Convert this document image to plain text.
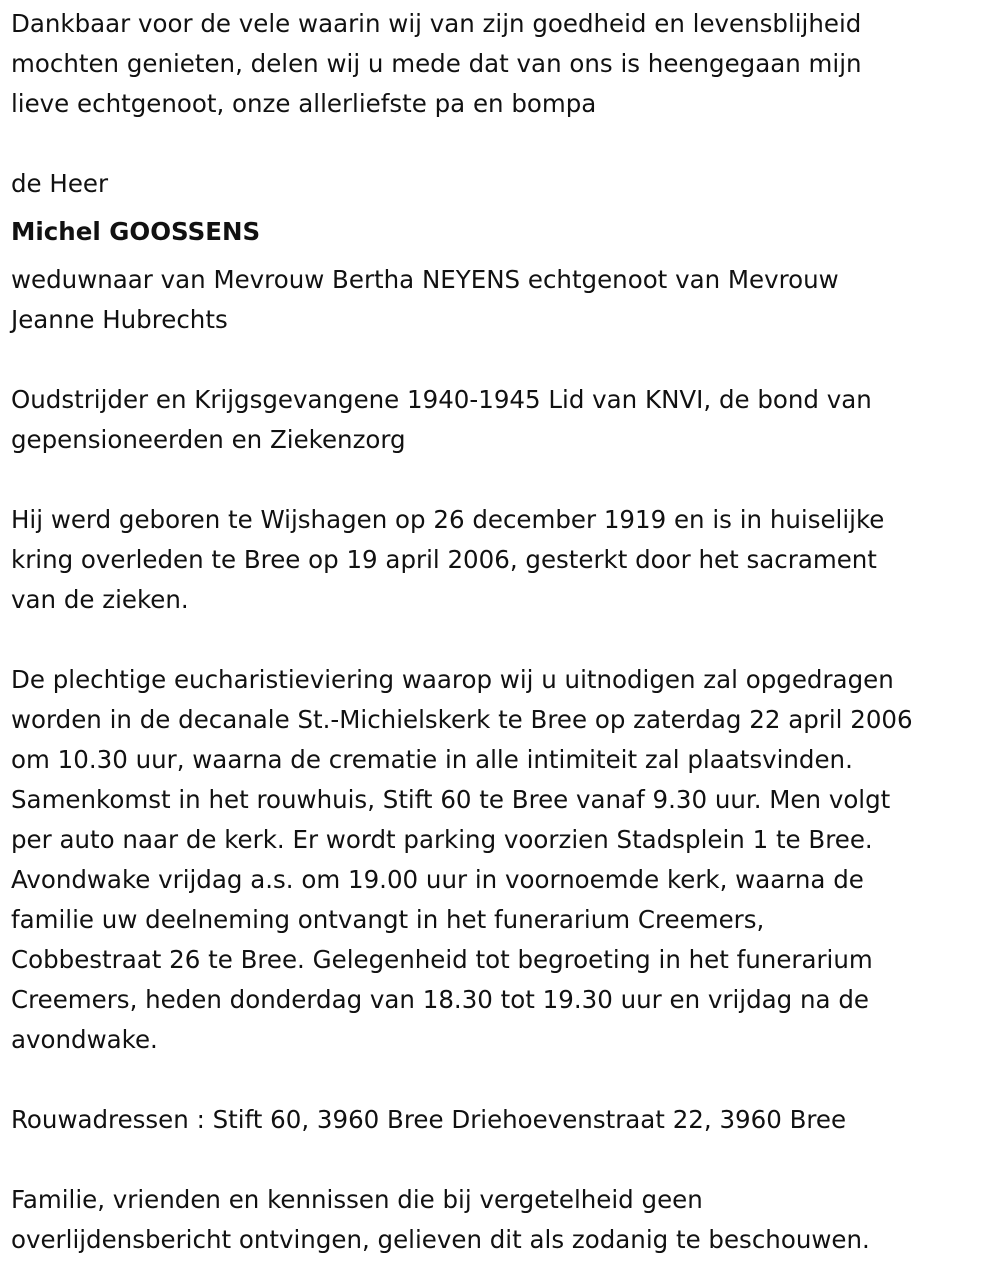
Dankbaar voor de vele waarin wij van zijn goedheid en levensblijheid
mochten genieten, delen wij u mede dat van ons is heengegaan mijn
lieve echtgenoot, onze allerliefste pa en bompa

de Heer

Michel GOOSSENS

weduwnaar van Mevrouw Bertha NEYENS echtgenoot van Mevrouw
Jeanne Hubrechts

Oudstrijder en Krijgsgevangene 1940-1945 Lid van KNVI, de bond van
gepensioneerden en Ziekenzorg

Hij werd geboren te Wijshagen op 26 december 1919 en is in huiselijke
kring overleden te Bree op 19 april 2006, gesterkt door het sacrament
van de zieken.

De plechtige eucharistieviering waarop wij u uitnodigen zal opgedragen
worden in de decanale St.-Michielskerk te Bree op zaterdag 22 april 2006
om 10.30 uur, waarna de crematie in alle intimiteit zal plaatsvinden.
Samenkomst in het rouwhuis, Stift 60 te Bree vanaf 9.30 uur. Men volgt
per auto naar de kerk. Er wordt parking voorzien Stadsplein 1 te Bree.
Avondwake vrijdag a.s. om 19.00 uur in voornoemde kerk, waarna de
familie uw deelneming ontvangt in het funerarium Creemers,
Cobbestraat 26 te Bree. Gelegenheid tot begroeting in het funerarium
Creemers, heden donderdag van 18.30 tot 19.30 uur en vrijdag na de
avondwake.

Rouwadressen : Stift 60, 3960 Bree Driehoevenstraat 22, 3960 Bree

Familie, vrienden en kennissen die bij vergetelheid geen
overlijdensbericht ontvingen, gelieven dit als zodanig te beschouwen.
